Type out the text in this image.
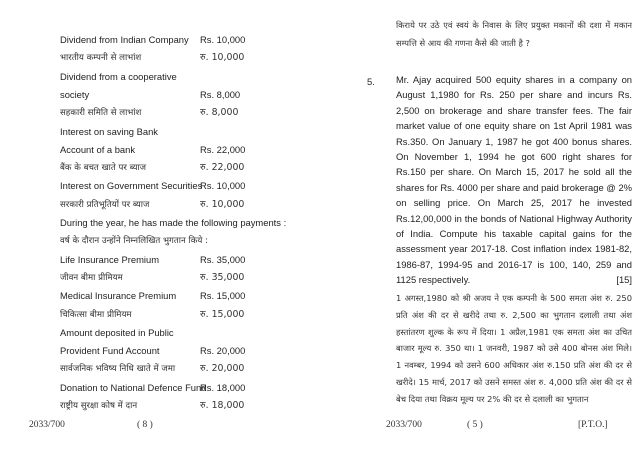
Dividend from Indian Company Rs. 10,000
भारतीय कम्पनी से लाभांश	रु. 10,000
Dividend from a cooperative
society	Rs. 8,000
सहकारी समिति से लाभांश	रु. 8,000
Interest on saving Bank
Account of a bank	Rs. 22,000
बैंक के बचत खाते पर ब्याज	रु. 22,000
Interest on Government Securities
Rs. 10,000
सरकारी प्रतिभूतियों पर ब्याज	रु. 10,000
During the year, he has made the following payments :
वर्ष के दौरान उन्होंने निम्नलिखित भुगतान किये :
Life Insurance Premium	Rs. 35,000
जीवन बीमा प्रीमियम	रु. 35,000
Medical Insurance Premium	Rs. 15,000
चिकित्सा बीमा प्रीमियम	रु. 15,000
Amount deposited in Public
Provident Fund Account	Rs. 20,000
सार्वजनिक भविष्य निधि खाते में जमा	रु. 20,000
Donation to National Defence Fund
Rs. 18,000
राष्ट्रीय सुरक्षा कोष में दान	रु. 18,000
2033/700	( 8 )
किराये पर उठे एवं स्वयं के निवास के लिए प्रयुक्त मकानों की दशा में मकान सम्पत्ति से आय की गणना कैसे की जाती है ?
5. Mr. Ajay acquired 500 equity shares in a company on August 1,1980 for Rs. 250 per share and incurs Rs. 2,500 on brokerage and share transfer fees. The fair market value of one equity share on 1st April 1981 was Rs.350. On January 1, 1987 he got 400 bonus shares. On November 1, 1994 he got 600 right shares for Rs.150 per share. On March 15, 2017 he sold all the shares for Rs. 4000 per share and paid brokerage @ 2% on selling price. On March 25, 2017 he invested Rs.12,00,000 in the bonds of National Highway Authority of India. Compute his taxable capital gains for the assessment year 2017-18. Cost inflation index 1981-82, 1986-87, 1994-95 and 2016-17 is 100, 140, 259 and 1125 respectively.	[15]
1 अगस्त,1980 को श्री अजय ने एक कम्पनी के 500 समता अंश रु. 250 प्रति अंश की दर से खरीदे तथा रु. 2,500 का भुगतान दलाली तथा अंश हस्तांतरण शुल्क के रूप में दिया। 1 अप्रैल,1981 एक समता अंश का उचित बाजार मूल्य रु. 350 था। 1 जनवरी, 1987 को उसे 400 बोनस अंश मिले। 1 नवम्बर, 1994 को उसने 600 अधिकार अंश रु.150 प्रति अंश की दर से खरीदे। 15 मार्च, 2017 को उसने समस्त अंश रु. 4,000 प्रति अंश की दर से बेच दिया तथा विक्रय मूल्य पर 2% की दर से दलाली का भुगतान
2033/700	( 5 )	[P.T.O.]
